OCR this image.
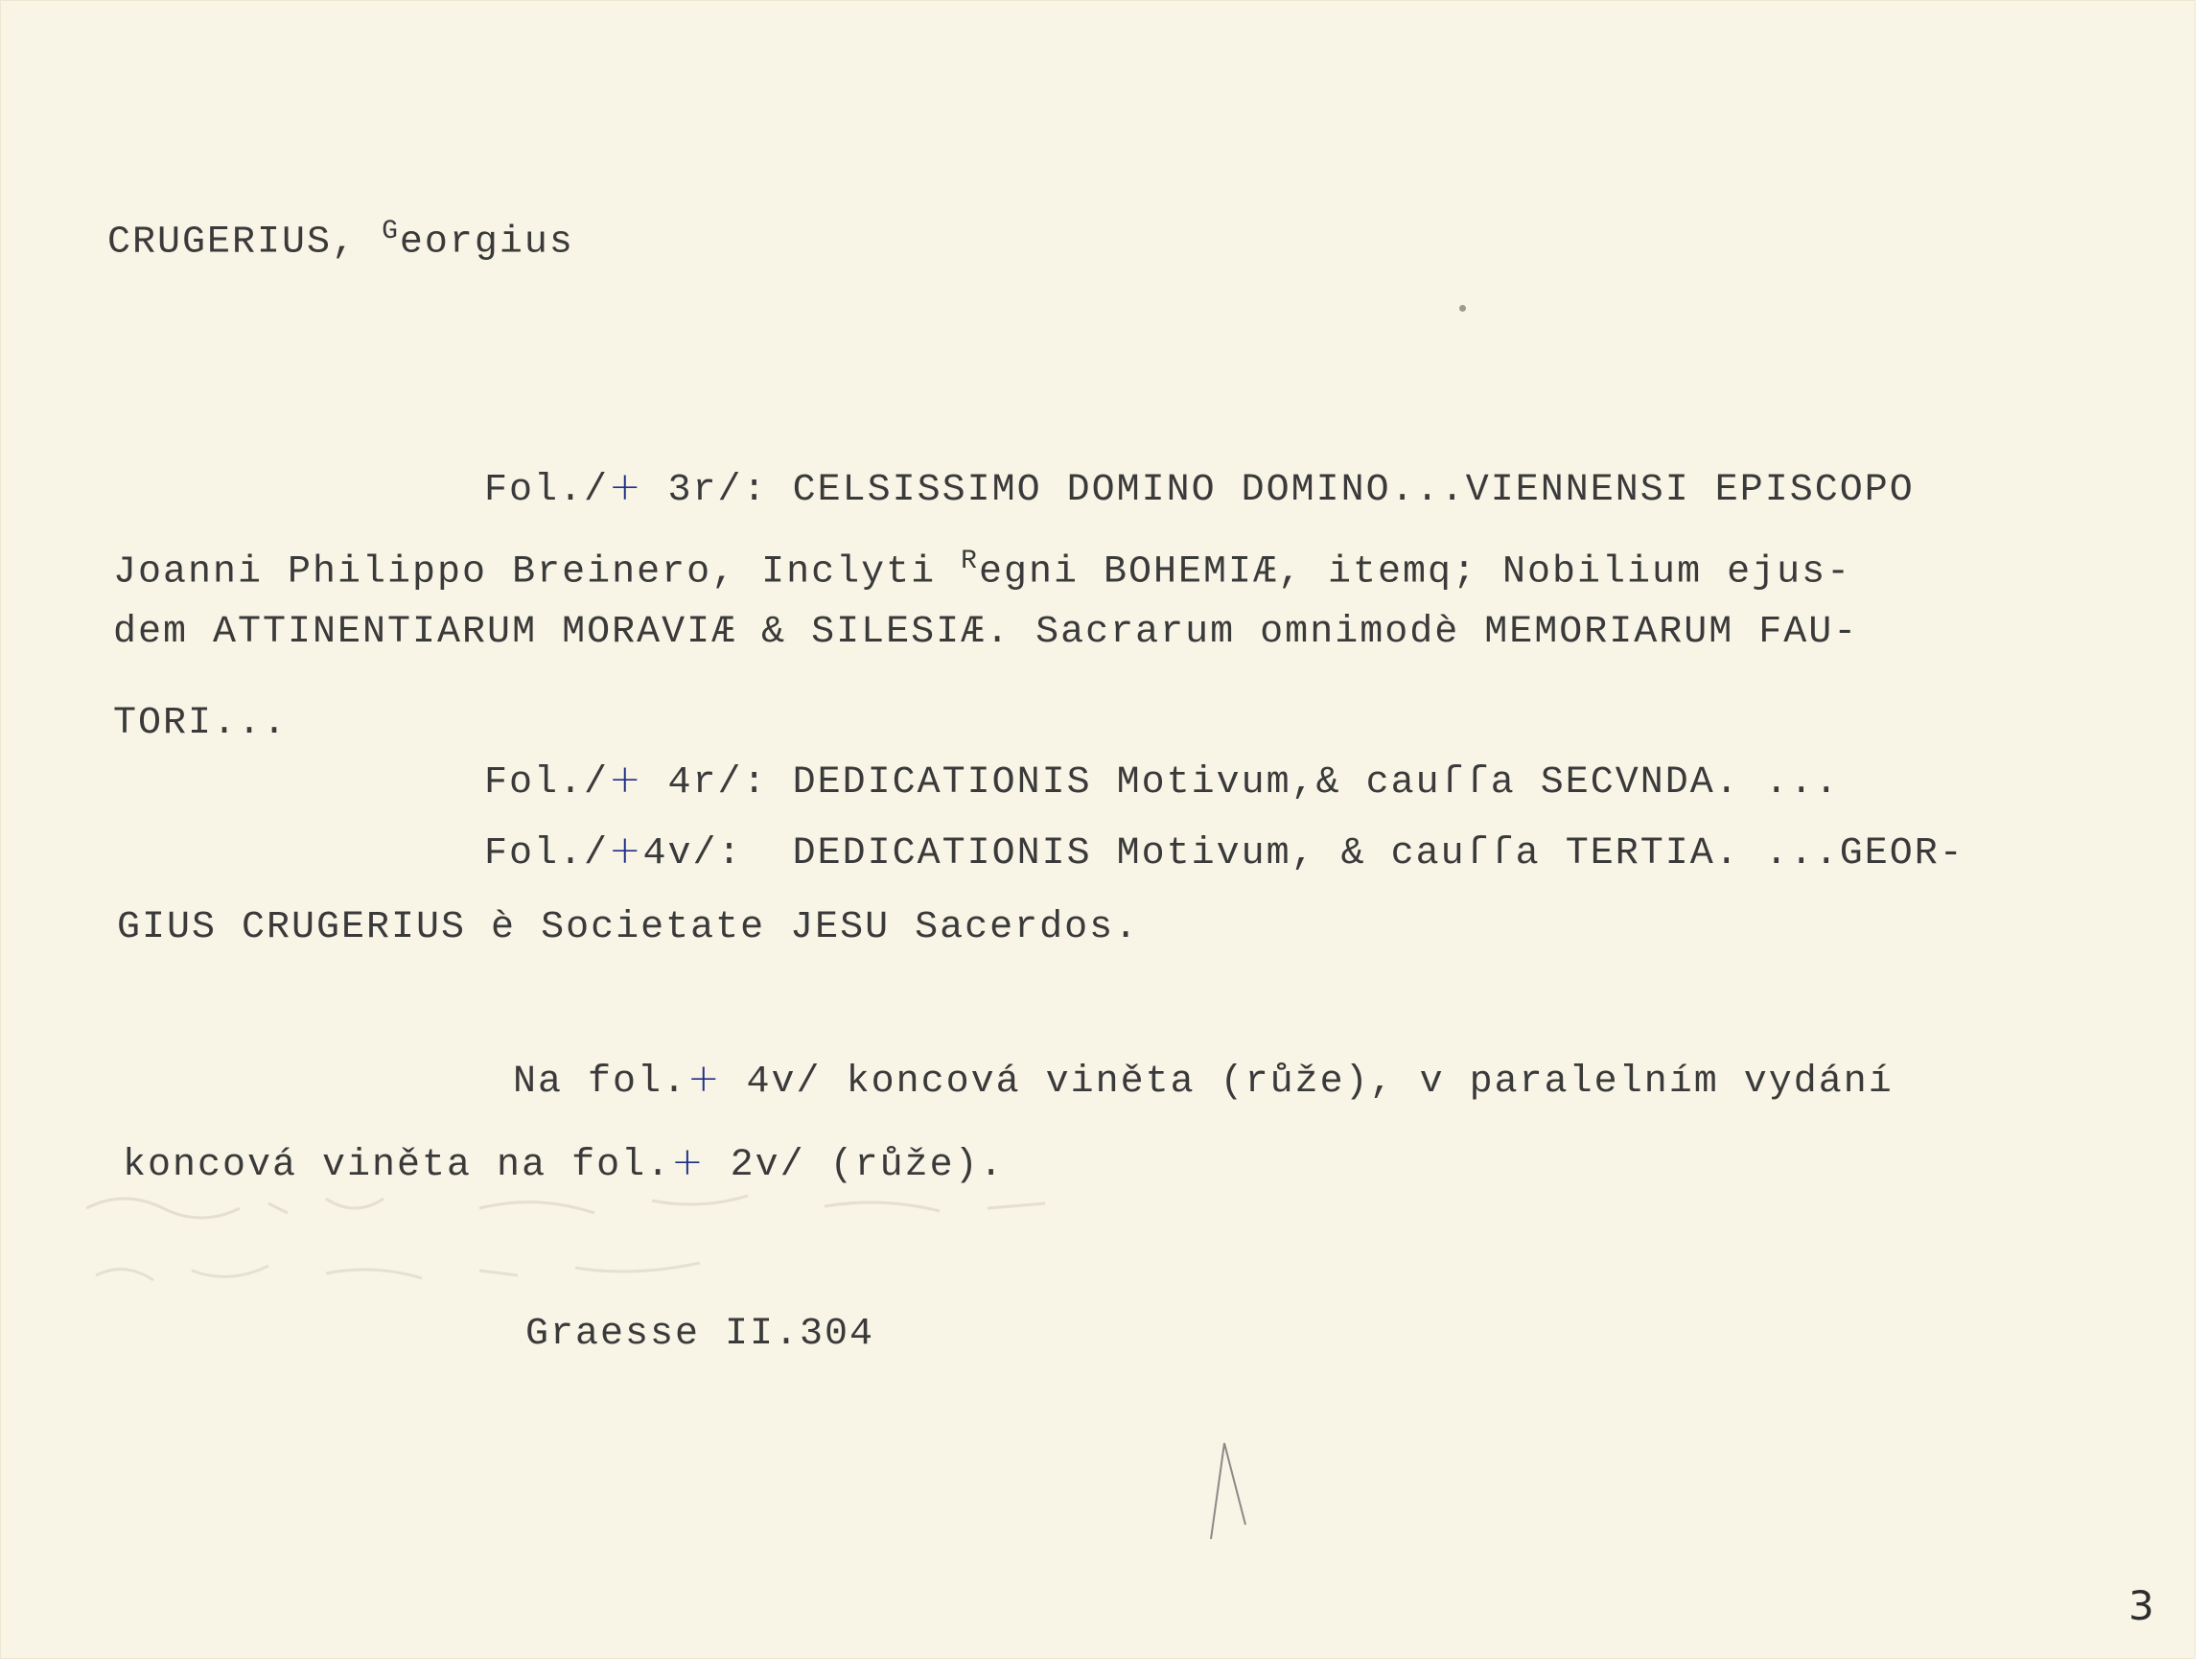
CRUGERIUS, $^G$eorgius
Fol./+ 3r/: CELSISSIMO DOMINO DOMINO...VIENNENSI EPISCOPO
Joanni Philippo Breinero, Inclyti $^R$egni BOHEMIÆ, itemq; Nobilium ejus-
dem ATTINENTIARUM MORAVIÆ & SILESIÆ. Sacrarum omnimodè MEMORIARUM FAU-
TORI...
Fol./+ 4r/: DEDICATIONIS Motivum,& cauſſa SECVNDA. ...
Fol./+4v/:  DEDICATIONIS Motivum, & cauſſa TERTIA. ...GEOR-
GIUS CRUGERIUS è Societate JESU Sacerdos.
Na fol.+ 4v/ koncová viněta (růže), v paralelním vydání
koncová viněta na fol.+ 2v/ (růže).
Graesse II.304
3
